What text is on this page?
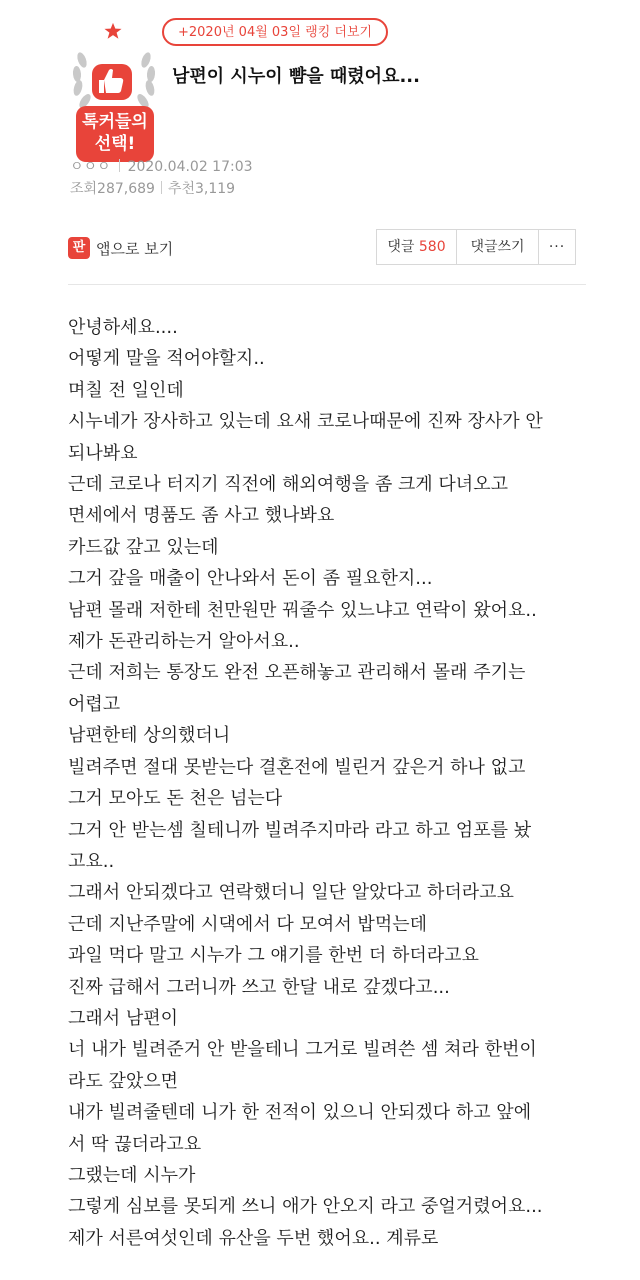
톡커들의
선택!
+2020년 04월 03일 랭킹 더보기
남편이 시누이 뺨을 때렸어요...
ㅇㅇㅇ 2020.04.02 17:03
조회287,689 추천3,119
판 앱으로 보기	댓글 580	댓글쓰기	···
안녕하세요....
어떻게 말을 적어야할지..
며칠 전 일인데
시누네가 장사하고 있는데 요새 코로나때문에 진짜 장사가 안
되나봐요
근데 코로나 터지기 직전에 해외여행을 좀 크게 다녀오고
면세에서 명품도 좀 사고 했나봐요
카드값 갚고 있는데
그거 갚을 매출이 안나와서 돈이 좀 필요한지...
남편 몰래 저한테 천만원만 꿔줄수 있느냐고 연락이 왔어요..
제가 돈관리하는거 알아서요..
근데 저희는 통장도 완전 오픈해놓고 관리해서 몰래 주기는
어렵고
남편한테 상의했더니
빌려주면 절대 못받는다 결혼전에 빌린거 갚은거 하나 없고
그거 모아도 돈 천은 넘는다
그거 안 받는셈 칠테니까 빌려주지마라 라고 하고 엄포를 놨
고요..
그래서 안되겠다고 연락했더니 일단 알았다고 하더라고요
근데 지난주말에 시댁에서 다 모여서 밥먹는데
과일 먹다 말고 시누가 그 얘기를 한번 더 하더라고요
진짜 급해서 그러니까 쓰고 한달 내로 갚겠다고...
그래서 남편이
너 내가 빌려준거 안 받을테니 그거로 빌려쓴 셈 쳐라 한번이
라도 갚았으면
내가 빌려줄텐데 니가 한 전적이 있으니 안되겠다 하고 앞에
서 딱 끊더라고요
그랬는데 시누가
그렇게 심보를 못되게 쓰니 애가 안오지 라고 중얼거렸어요...
제가 서른여섯인데 유산을 두번 했어요.. 계류로
